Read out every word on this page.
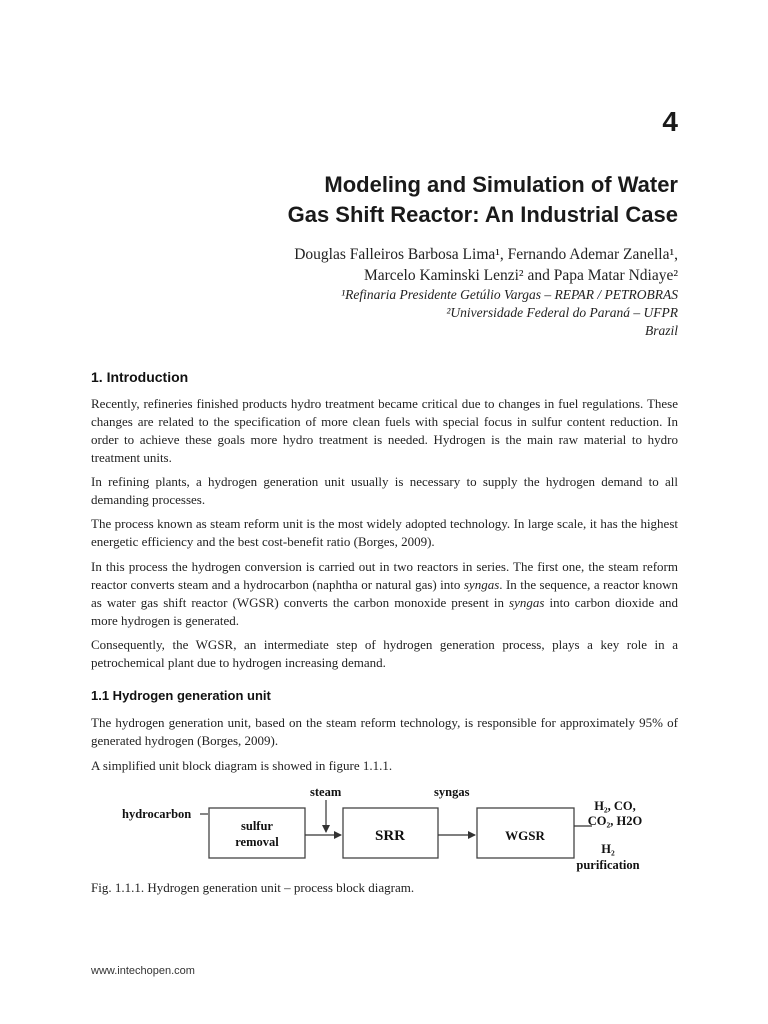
4
Modeling and Simulation of Water
Gas Shift Reactor: An Industrial Case
Douglas Falleiros Barbosa Lima¹, Fernando Ademar Zanella¹,
Marcelo Kaminski Lenzi² and Papa Matar Ndiaye²
¹Refinaria Presidente Getúlio Vargas – REPAR / PETROBRAS
²Universidade Federal do Paraná – UFPR
Brazil
1. Introduction
Recently, refineries finished products hydro treatment became critical due to changes in fuel regulations. These changes are related to the specification of more clean fuels with special focus in sulfur content reduction. In order to achieve these goals more hydro treatment is needed. Hydrogen is the main raw material to hydro treatment units.
In refining plants, a hydrogen generation unit usually is necessary to supply the hydrogen demand to all demanding processes.
The process known as steam reform unit is the most widely adopted technology. In large scale, it has the highest energetic efficiency and the best cost-benefit ratio (Borges, 2009).
In this process the hydrogen conversion is carried out in two reactors in series. The first one, the steam reform reactor converts steam and a hydrocarbon (naphtha or natural gas) into syngas. In the sequence, a reactor known as water gas shift reactor (WGSR) converts the carbon monoxide present in syngas into carbon dioxide and more hydrogen is generated.
Consequently, the WGSR, an intermediate step of hydrogen generation process, plays a key role in a petrochemical plant due to hydrogen increasing demand.
1.1 Hydrogen generation unit
The hydrogen generation unit, based on the steam reform technology, is responsible for approximately 95% of generated hydrogen (Borges, 2009).
A simplified unit block diagram is showed in figure 1.1.1.
hydrocarbon
sulfur
removal
steam
SRR
syngas
WGSR
H₂, CO,
CO₂, H2O
H₂
purification
Fig. 1.1.1. Hydrogen generation unit – process block diagram.
www.intechopen.com
